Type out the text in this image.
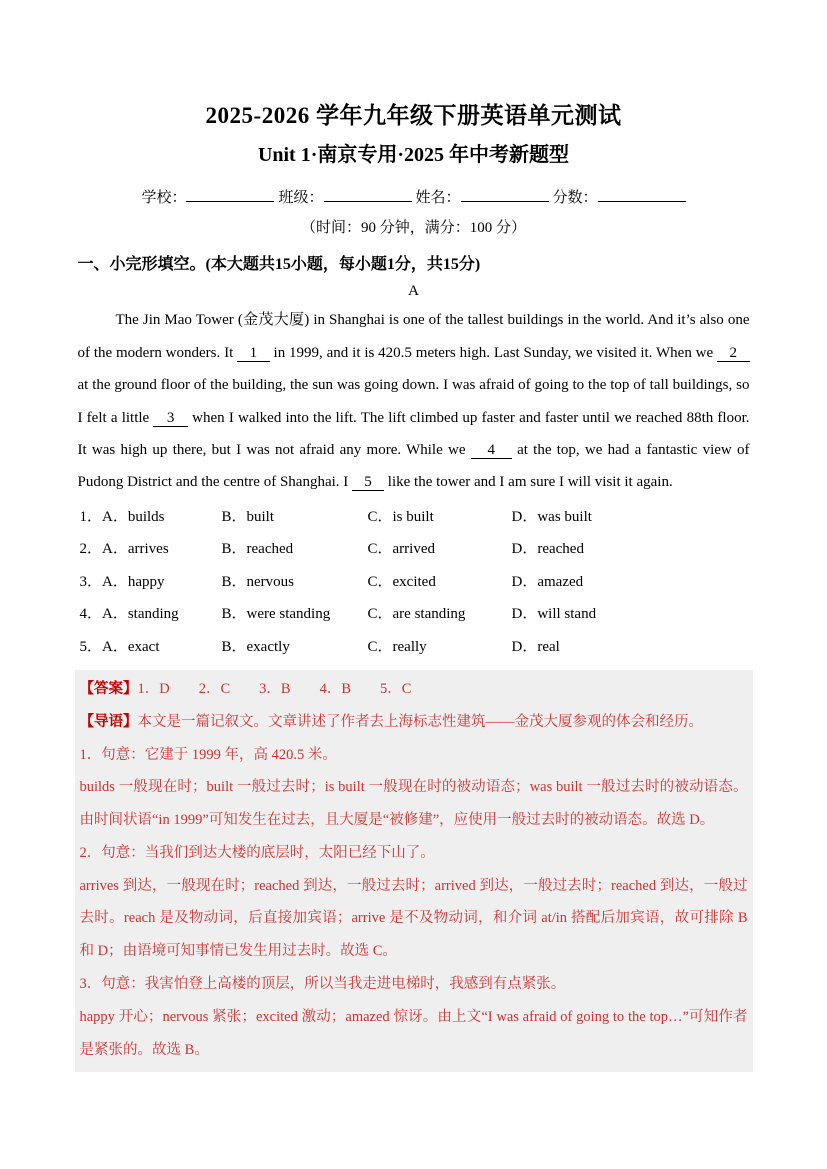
2025-2026 学年九年级下册英语单元测试
Unit 1·南京专用·2025 年中考新题型
学校：	班级：	姓名：	分数：
（时间：90 分钟，满分：100 分）
一、小完形填空。(本大题共15小题，每小题1分，共15分)
A

The Jin Mao Tower (金茂大厦) in Shanghai is one of the tallest buildings in the world. And it’s also one of the modern wonders. It    1    in 1999, and it is 420.5 meters high. Last Sunday, we visited it. When we    2    at the ground floor of the building, the sun was going down. I was afraid of going to the top of tall buildings, so I felt a little    3    when I walked into the lift. The lift climbed up faster and faster until we reached 88th floor. It was high up there, but I was not afraid any more. While we    4    at the top, we had a fantastic view of Pudong District and the centre of Shanghai. I    5    like the tower and I am sure I will visit it again.

1．A．builds	B．built	C．is built	D．was built
2．A．arrives	B．reached	C．arrived	D．reached
3．A．happy	B．nervous	C．excited	D．amazed
4．A．standing	B．were standing	C．are standing	D．will stand
5．A．exact	B．exactly	C．really	D．real

【答案】1．D　　2．C　　3．B　　4．B　　5．C

【导语】本文是一篇记叙文。文章讲述了作者去上海标志性建筑——金茂大厦参观的体会和经历。

1．句意：它建于 1999 年，高 420.5 米。

builds 一般现在时；built 一般过去时；is built 一般现在时的被动语态；was built 一般过去时的被动语态。由时间状语“in 1999”可知发生在过去，且大厦是“被修建”，应使用一般过去时的被动语态。故选 D。

2．句意：当我们到达大楼的底层时，太阳已经下山了。

arrives 到达，一般现在时；reached 到达，一般过去时；arrived 到达，一般过去时；reached 到达，一般过去时。reach 是及物动词，后直接加宾语；arrive 是不及物动词，和介词 at/in 搭配后加宾语，故可排除 B 和 D；由语境可知事情已发生用过去时。故选 C。

3．句意：我害怕登上高楼的顶层，所以当我走进电梯时，我感到有点紧张。

happy 开心；nervous 紧张；excited 激动；amazed 惊讶。由上文“I was afraid of going to the top…”可知作者是紧张的。故选 B。
